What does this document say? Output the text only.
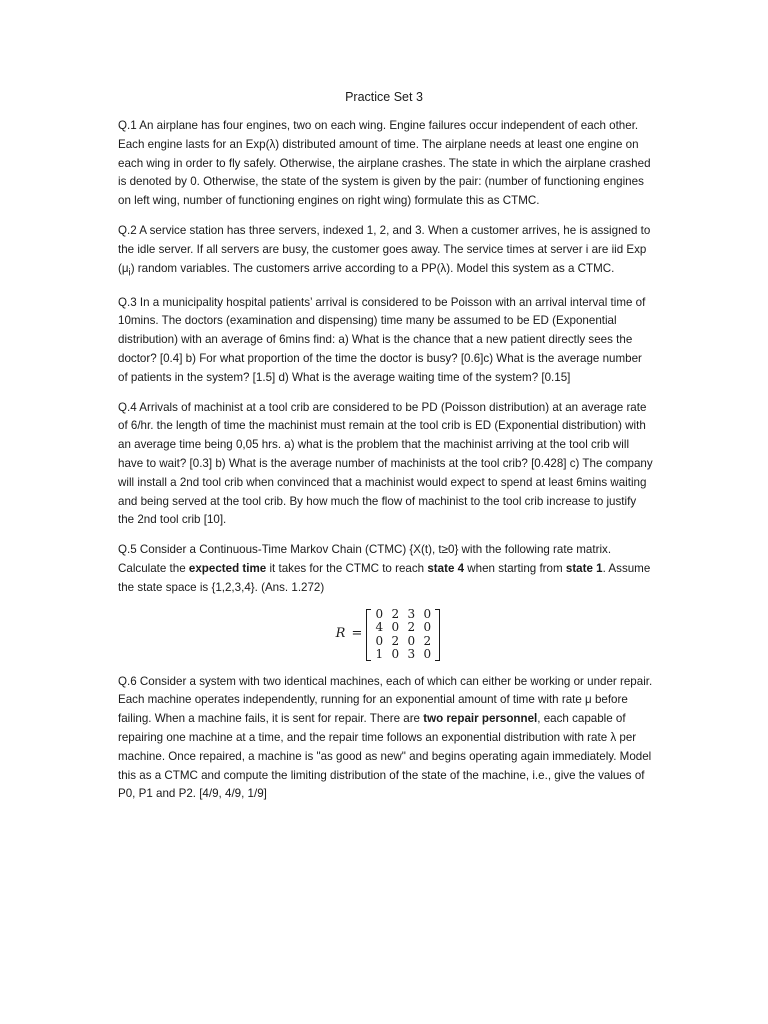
Practice Set 3

Q.1 An airplane has four engines, two on each wing. Engine failures occur independent of each other. Each engine lasts for an Exp(λ) distributed amount of time. The airplane needs at least one engine on each wing in order to fly safely. Otherwise, the airplane crashes. The state in which the airplane crashed is denoted by 0. Otherwise, the state of the system is given by the pair: (number of functioning engines on left wing, number of functioning engines on right wing) formulate this as CTMC.

Q.2 A service station has three servers, indexed 1, 2, and 3. When a customer arrives, he is assigned to the idle server. If all servers are busy, the customer goes away. The service times at server i are iid Exp $(\mu_i)$ random variables. The customers arrive according to a PP(λ). Model this system as a CTMC.

Q.3 In a municipality hospital patients’ arrival is considered to be Poisson with an arrival interval time of 10mins. The doctors (examination and dispensing) time many be assumed to be ED (Exponential distribution) with an average of 6mins find: a) What is the chance that a new patient directly sees the doctor? [0.4] b) For what proportion of the time the doctor is busy? [0.6]c) What is the average number of patients in the system? [1.5] d) What is the average waiting time of the system? [0.15]

Q.4 Arrivals of machinist at a tool crib are considered to be PD (Poisson distribution) at an average rate of 6/hr. the length of time the machinist must remain at the tool crib is ED (Exponential distribution) with an average time being 0,05 hrs. a) what is the problem that the machinist arriving at the tool crib will have to wait? [0.3] b) What is the average number of machinists at the tool crib? [0.428] c) The company will install a 2nd tool crib when convinced that a machinist would expect to spend at least 6mins waiting and being served at the tool crib. By how much the flow of machinist to the tool crib increase to justify the 2nd tool crib [10].

Q.5 Consider a Continuous-Time Markov Chain (CTMC) {X(t), t≥0} with the following rate matrix. Calculate the expected time it takes for the CTMC to reach state 4 when starting from state 1. Assume the state space is {1,2,3,4}. (Ans. 1.272)

R =
0 2 3 0
4 0 2 0
0 2 0 2
1 0 3 0

Q.6 Consider a system with two identical machines, each of which can either be working or under repair. Each machine operates independently, running for an exponential amount of time with rate μ before failing. When a machine fails, it is sent for repair. There are two repair personnel, each capable of repairing one machine at a time, and the repair time follows an exponential distribution with rate λ per machine. Once repaired, a machine is "as good as new" and begins operating again immediately. Model this as a CTMC and compute the limiting distribution of the state of the machine, i.e., give the values of P0, P1 and P2. [4/9, 4/9, 1/9]
